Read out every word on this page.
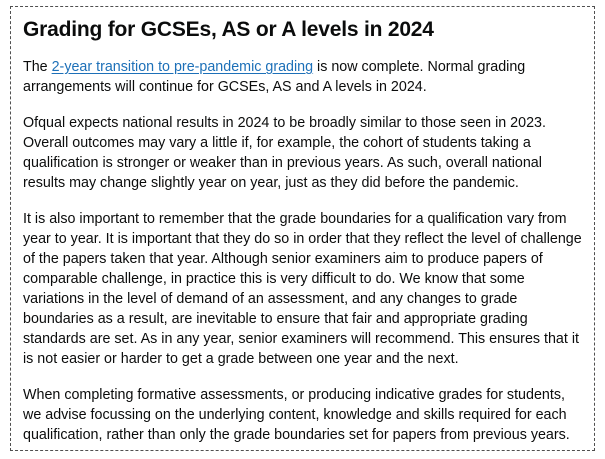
Grading for GCSEs, AS or A levels in 2024

The 2-year transition to pre-pandemic grading is now complete. Normal grading arrangements will continue for GCSEs, AS and A levels in 2024.

Ofqual expects national results in 2024 to be broadly similar to those seen in 2023. Overall outcomes may vary a little if, for example, the cohort of students taking a qualification is stronger or weaker than in previous years. As such, overall national results may change slightly year on year, just as they did before the pandemic.

It is also important to remember that the grade boundaries for a qualification vary from year to year. It is important that they do so in order that they reflect the level of challenge of the papers taken that year. Although senior examiners aim to produce papers of comparable challenge, in practice this is very difficult to do. We know that some variations in the level of demand of an assessment, and any changes to grade boundaries as a result, are inevitable to ensure that fair and appropriate grading standards are set. As in any year, senior examiners will recommend. This ensures that it is not easier or harder to get a grade between one year and the next.

When completing formative assessments, or producing indicative grades for students, we advise focussing on the underlying content, knowledge and skills required for each qualification, rather than only the grade boundaries set for papers from previous years.
